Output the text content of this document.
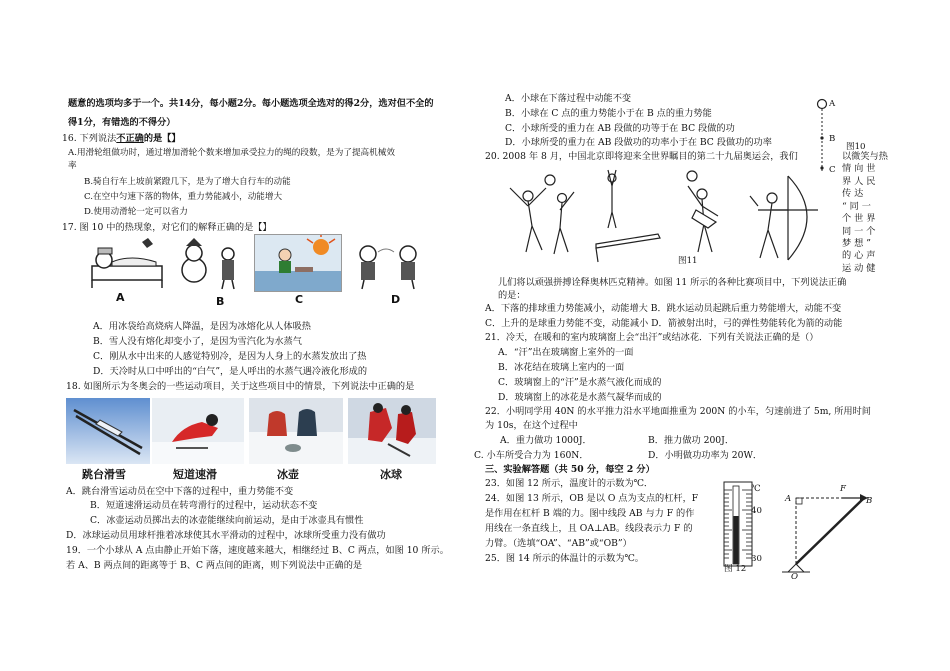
题意的选项均多于一个。共14分，每小题2分。每小题选项全选对的得2分，选对但不全的
得1分，有错选的不得分）
16. 下列说法不正确的是【】
A.用滑轮组做功时，通过增加滑轮个数来增加承受拉力的绳的段数，是为了提高机械效
率
B.骑自行车上坡前紧蹬几下，是为了增大自行车的动能
C.在空中匀速下落的物体，重力势能减小，动能增大
D.使用动滑轮一定可以省力
17. 图 10 中的热现象，对它们的解释正确的是【】
A	B	C	D
A．用冰袋给高烧病人降温，是因为冰熔化从人体吸热
B．雪人没有熔化却变小了，是因为雪汽化为水蒸气
C．刚从水中出来的人感觉特别冷，是因为人身上的水蒸发放出了热
D．天冷时从口中呼出的“白气”，是人呼出的水蒸气遇冷液化形成的
18. 如图所示为冬奥会的一些运动项目，关于这些项目中的情景，下列说法中正确的是
跳台滑雪	短道速滑	冰壶	冰球
A．跳台滑雪运动员在空中下落的过程中，重力势能不变
B．短道速滑运动员在转弯滑行的过程中，运动状态不变
C．冰壶运动员掷出去的冰壶能继续向前运动，是由于冰壶具有惯性
D．冰球运动员用球杆推着冰球使其水平滑动的过程中，冰球所受重力没有做功
19．一个小球从 A 点由静止开始下落，速度越来越大，相继经过 B、C 两点，如图 10 所示。
若 A、B 两点间的距离等于 B、C 两点间的距离，则下列说法中正确的是
A．小球在下落过程中动能不变
B．小球在 C 点的重力势能小于在 B 点的重力势能
C．小球所受的重力在 AB 段做的功等于在 BC 段做的功
D．小球所受的重力在 AB 段做功的功率小于在 BC 段做功的功率
A
B
C
图10
20. 2008 年 8 月，中国北京即将迎来全世界瞩目的第二十九届奥运会，我们	以微笑与热
情 向 世
界 人 民
传 达
“ 同 一
个 世 界
同 一 个
梦 想 ”
的 心 声
运 动 健
图11
儿们将以顽强拼搏诠释奥林匹克精神。如图 11 所示的各种比赛项目中，下列说法正确
的是：
A．下落的排球重力势能减小，动能增大 B．跳水运动员起跳后重力势能增大，动能不变
C．上升的是球重力势能不变，动能减小 D．箭被射出时，弓的弹性势能转化为箭的动能
21．冷天，在暖和的室内玻璃窗上会“出汗”或结冰花．下列有关说法正确的是（）
A．“汗”出在玻璃窗上室外的一面
B．冰花结在玻璃上室内的一面
C．玻璃窗上的“汗”是水蒸气液化而成的
D．玻璃窗上的冰花是水蒸气凝华而成的
22．小明同学用 40N 的水平推力沿水平地面推重为 200N 的小车，匀速前进了 5m, 所用时间
为 10s，在这个过程中
A．重力做功 1000J．	B．推力做功 200J．
C. 小车所受合力为 160N．	D．小明做功功率为 20W．
三、实验解答题（共 50 分，每空 2 分）
23．如图 12 所示，温度计的示数为℃．
24．如图 13 所示，OB 是以 O 点为支点的杠杆，F
是作用在杠杆 B 端的力。图中线段 AB 与力 F 的作
用线在一条直线上，且 OA⊥AB。线段表示力 F 的
力臂。（选填“OA”、“AB”或“OB”）
25．图 14 所示的体温计的示数为℃。
℃
40
30
图 12
A	B
F
O
